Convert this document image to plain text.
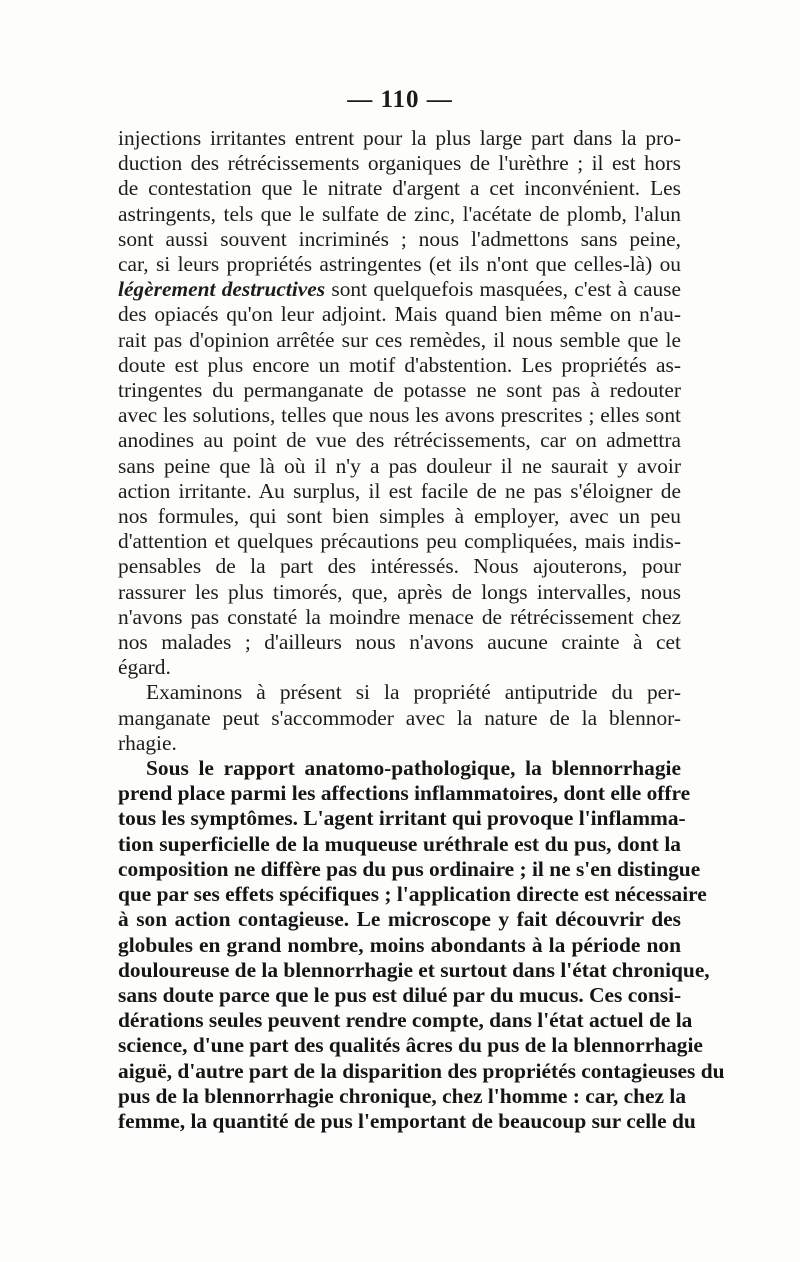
— 110 —

injections irritantes entrent pour la plus large part dans la pro-
duction des rétrécissements organiques de l'urèthre ; il est hors
de contestation que le nitrate d'argent a cet inconvénient. Les
astringents, tels que le sulfate de zinc, l'acétate de plomb, l'alun
sont aussi souvent incriminés ; nous l'admettons sans peine,
car, si leurs propriétés astringentes (et ils n'ont que celles-là) ou
légèrement destructives sont quelquefois masquées, c'est à cause
des opiacés qu'on leur adjoint. Mais quand bien même on n'au-
rait pas d'opinion arrêtée sur ces remèdes, il nous semble que le
doute est plus encore un motif d'abstention. Les propriétés as-
tringentes du permanganate de potasse ne sont pas à redouter
avec les solutions, telles que nous les avons prescrites ; elles sont
anodines au point de vue des rétrécissements, car on admettra
sans peine que là où il n'y a pas douleur il ne saurait y avoir
action irritante. Au surplus, il est facile de ne pas s'éloigner de
nos formules, qui sont bien simples à employer, avec un peu
d'attention et quelques précautions peu compliquées, mais indis-
pensables de la part des intéressés. Nous ajouterons, pour
rassurer les plus timorés, que, après de longs intervalles, nous
n'avons pas constaté la moindre menace de rétrécissement chez
nos malades ; d'ailleurs nous n'avons aucune crainte à cet
égard.

Examinons à présent si la propriété antiputride du per-
manganate peut s'accommoder avec la nature de la blennor-
rhagie.

Sous le rapport anatomo-pathologique, la blennorrhagie
prend place parmi les affections inflammatoires, dont elle offre
tous les symptômes. L'agent irritant qui provoque l'inflamma-
tion superficielle de la muqueuse uréthrale est du pus, dont la
composition ne diffère pas du pus ordinaire ; il ne s'en distingue
que par ses effets spécifiques ; l'application directe est nécessaire
à son action contagieuse. Le microscope y fait découvrir des
globules en grand nombre, moins abondants à la période non
douloureuse de la blennorrhagie et surtout dans l'état chronique,
sans doute parce que le pus est dilué par du mucus. Ces consi-
dérations seules peuvent rendre compte, dans l'état actuel de la
science, d'une part des qualités âcres du pus de la blennorrhagie
aiguë, d'autre part de la disparition des propriétés contagieuses du
pus de la blennorrhagie chronique, chez l'homme : car, chez la
femme, la quantité de pus l'emportant de beaucoup sur celle du
